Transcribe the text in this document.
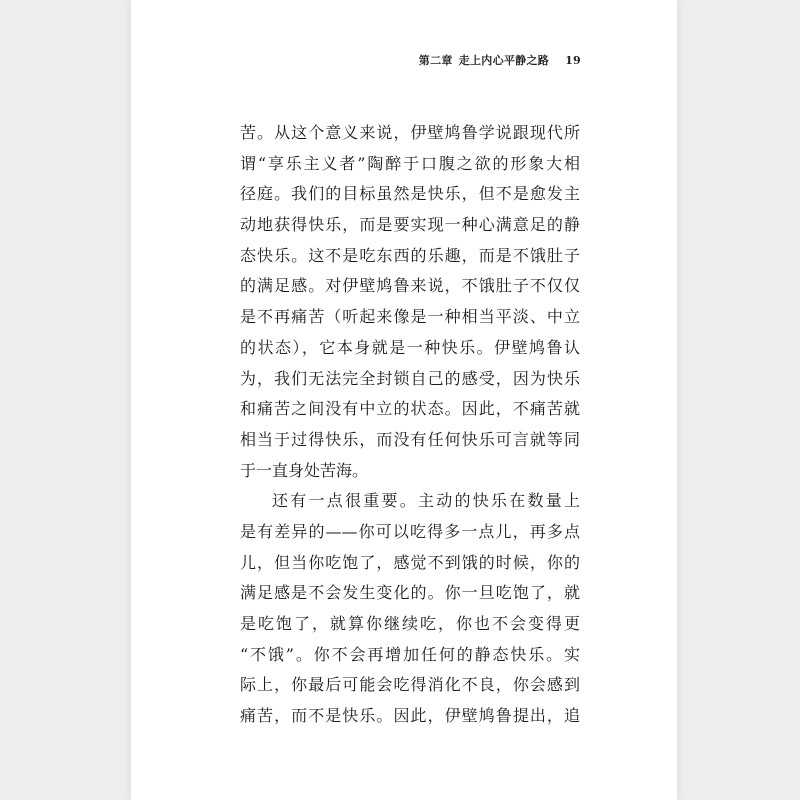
第二章 走上内心平静之路 19
苦。从这个意义来说，伊壁鸠鲁学说跟现代所
谓“享乐主义者”陶醉于口腹之欲的形象大相
径庭。我们的目标虽然是快乐，但不是愈发主
动地获得快乐，而是要实现一种心满意足的静
态快乐。这不是吃东西的乐趣，而是不饿肚子
的满足感。对伊壁鸠鲁来说，不饿肚子不仅仅
是不再痛苦（听起来像是一种相当平淡、中立
的状态），它本身就是一种快乐。伊壁鸠鲁认
为，我们无法完全封锁自己的感受，因为快乐
和痛苦之间没有中立的状态。因此，不痛苦就
相当于过得快乐，而没有任何快乐可言就等同
于一直身处苦海。
还有一点很重要。主动的快乐在数量上
是有差异的——你可以吃得多一点儿，再多点
儿，但当你吃饱了，感觉不到饿的时候，你的
满足感是不会发生变化的。你一旦吃饱了，就
是吃饱了，就算你继续吃，你也不会变得更
“不饿”。你不会再增加任何的静态快乐。实
际上，你最后可能会吃得消化不良，你会感到
痛苦，而不是快乐。因此，伊壁鸠鲁提出，追
